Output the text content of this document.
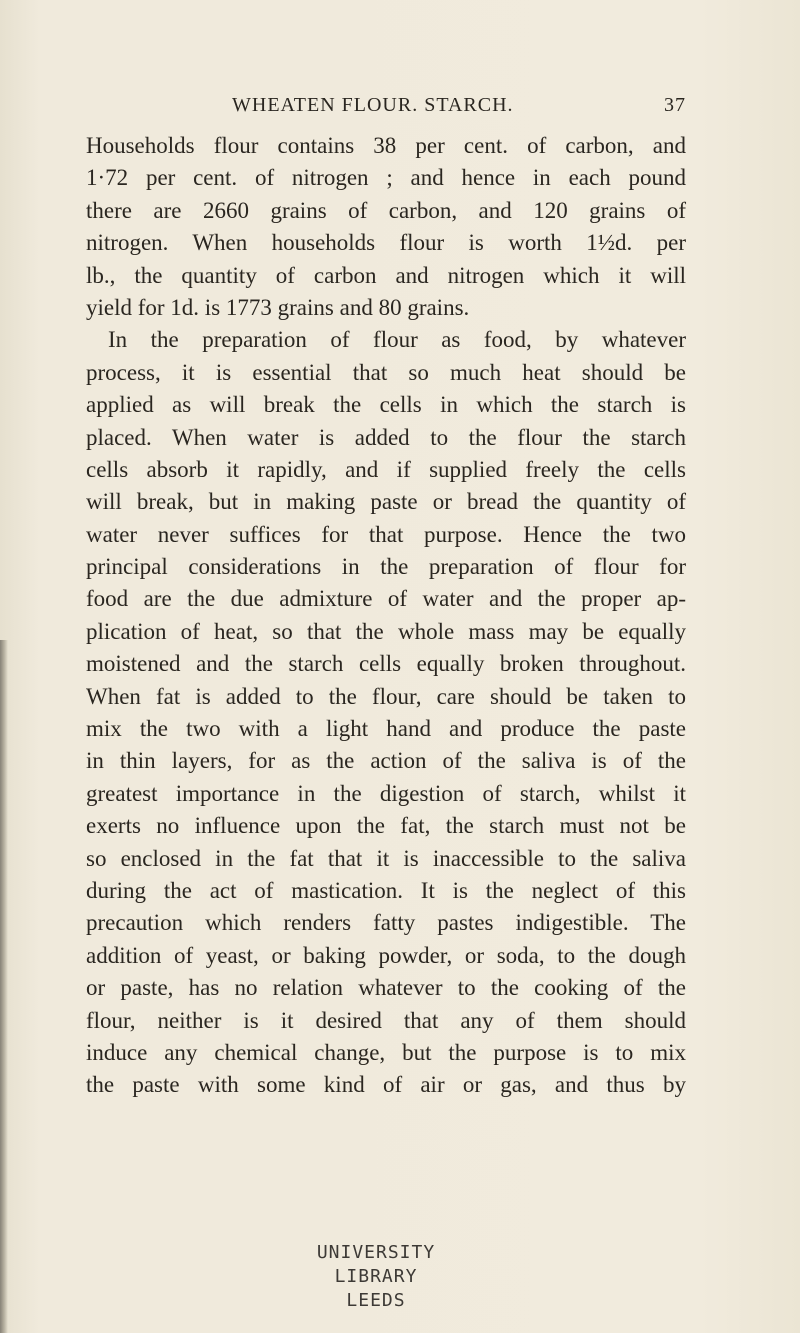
WHEATEN FLOUR. STARCH.	37
Households flour contains 38 per cent. of carbon, and
1·72 per cent. of nitrogen ; and hence in each pound
there are 2660 grains of carbon, and 120 grains of
nitrogen. When households flour is worth 1½d. per
lb., the quantity of carbon and nitrogen which it will
yield for 1d. is 1773 grains and 80 grains.
In the preparation of flour as food, by whatever
process, it is essential that so much heat should be
applied as will break the cells in which the starch is
placed. When water is added to the flour the starch
cells absorb it rapidly, and if supplied freely the cells
will break, but in making paste or bread the quantity of
water never suffices for that purpose. Hence the two
principal considerations in the preparation of flour for
food are the due admixture of water and the proper ap-
plication of heat, so that the whole mass may be equally
moistened and the starch cells equally broken throughout.
When fat is added to the flour, care should be taken to
mix the two with a light hand and produce the paste
in thin layers, for as the action of the saliva is of the
greatest importance in the digestion of starch, whilst it
exerts no influence upon the fat, the starch must not be
so enclosed in the fat that it is inaccessible to the saliva
during the act of mastication. It is the neglect of this
precaution which renders fatty pastes indigestible. The
addition of yeast, or baking powder, or soda, to the dough
or paste, has no relation whatever to the cooking of the
flour, neither is it desired that any of them should
induce any chemical change, but the purpose is to mix
the paste with some kind of air or gas, and thus by
UNIVERSITY
LIBRARY
LEEDS
